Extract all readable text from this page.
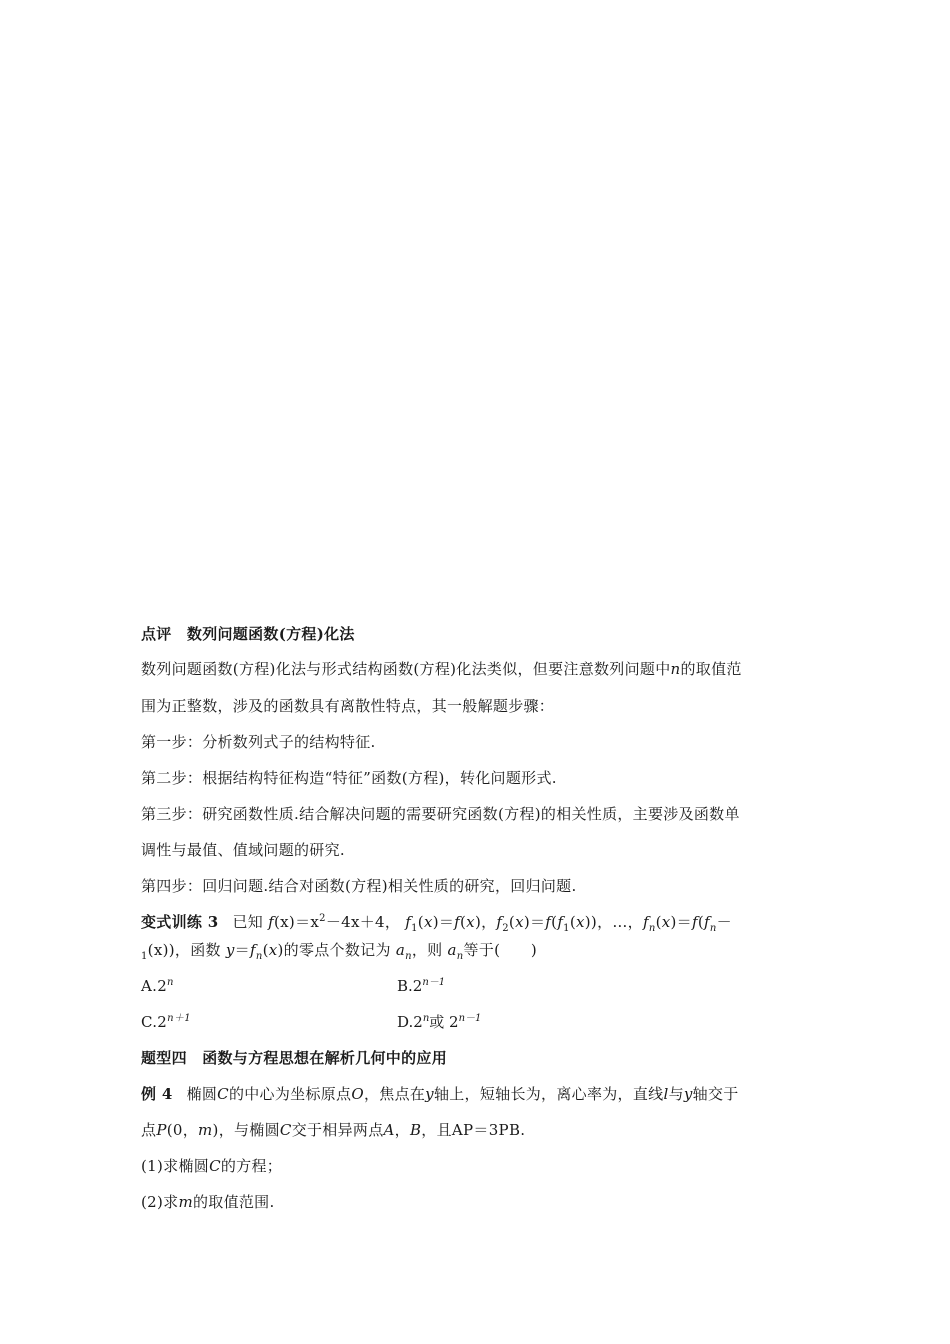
点评　数列问题函数(方程)化法
数列问题函数(方程)化法与形式结构函数(方程)化法类似，但要注意数列问题中n的取值范
围为正整数，涉及的函数具有离散性特点，其一般解题步骤：
第一步：分析数列式子的结构特征.
第二步：根据结构特征构造“特征”函数(方程)，转化问题形式.
第三步：研究函数性质.结合解决问题的需要研究函数(方程)的相关性质，主要涉及函数单
调性与最值、值域问题的研究.
第四步：回归问题.结合对函数(方程)相关性质的研究，回归问题.
变式训练 3 已知 $f(x)=x^2-4x+4$， $f_1(x)=f(x)$，$f_2(x)=f(f_1(x))$，…，$f_n(x)=f(f_n-$
$_1$(x))，函数 $y=f_n(x)$的零点个数记为 $a_n$，则 $a_n$等于(　　)
A.2$^n$	$B.2^{n-1}$
$C.2^{n+1}$	D.2$^n$或 $2^{n-1}$
题型四　函数与方程思想在解析几何中的应用
例 4 椭圆C的中心为坐标原点O，焦点在y轴上，短轴长为，离心率为，直线l与y轴交于
点P(0，m)，与椭圆C交于相异两点A，B，且AP＝3PB.
(1)求椭圆C的方程；
(2)求m的取值范围.
